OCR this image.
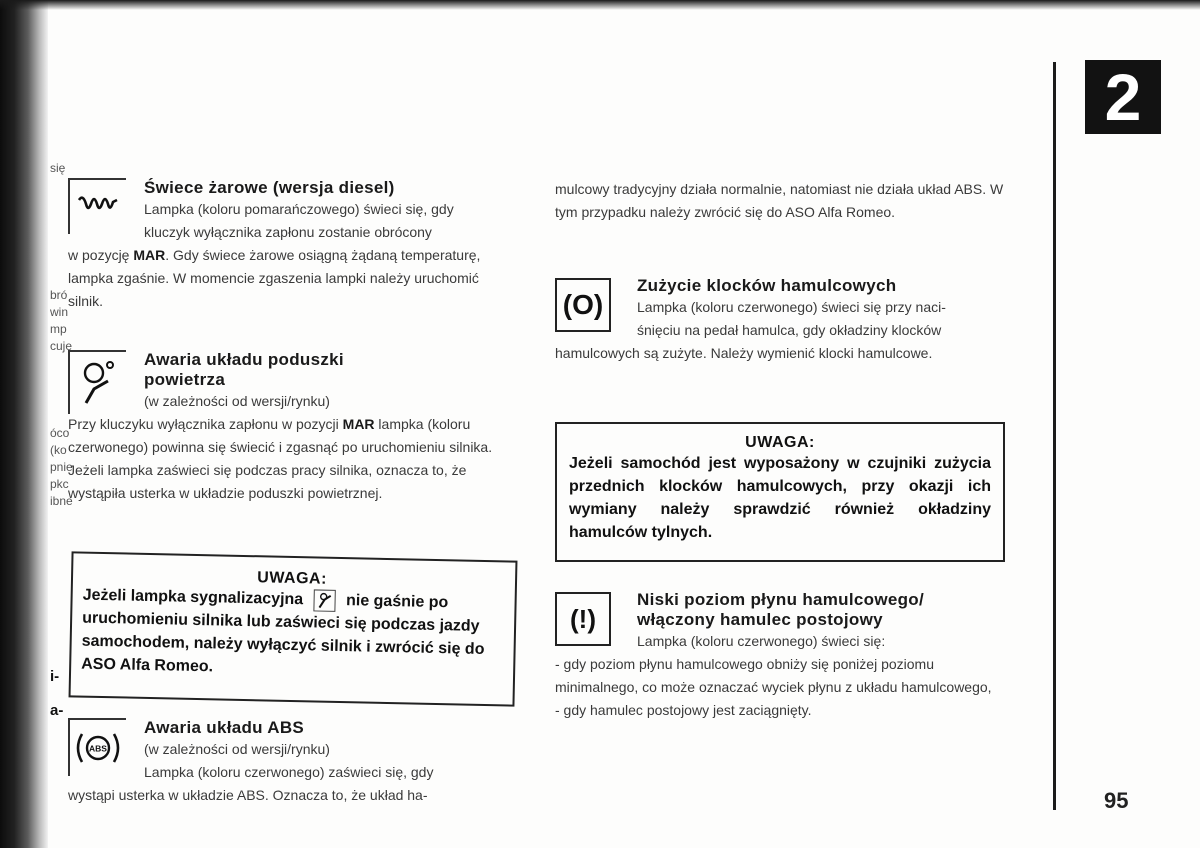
się
bró
win
mp
cuje
óco
(ko
pnie
pkc
ibne
i-
a-
2
95
Świece żarowe (wersja diesel)

Lampka (koloru pomarańczowego) świeci się, gdy

kluczyk wyłącznika zapłonu zostanie obrócony

w pozycję MAR. Gdy świece żarowe osiągną żądaną temperaturę, lampka zgaśnie. W momencie zgaszenia lampki należy uruchomić silnik.

Awaria układu poduszki
powietrza

(w zależności od wersji/rynku)

Przy kluczyku wyłącznika zapłonu w pozycji MAR lampka (koloru czerwonego) powinna się świecić i zgasnąć po uruchomieniu silnika. Jeżeli lampka zaświeci się podczas pracy silnika, oznacza to, że wystąpiła usterka w układzie poduszki powietrznej.

UWAGA:
Jeżeli lampka sygnalizacyjna	nie gaśnie po uruchomieniu silnika lub zaświeci się podczas jazdy samochodem, należy wyłączyć silnik i zwrócić się do ASO Alfa Romeo.
ABS
Awaria układu ABS

(w zależności od wersji/rynku)

Lampka (koloru czerwonego) zaświeci się, gdy

wystąpi usterka w układzie ABS. Oznacza to, że układ ha-

mulcowy tradycyjny działa normalnie, natomiast nie działa układ ABS. W tym przypadku należy zwrócić się do ASO Alfa Romeo.

(O)
Zużycie klocków hamulcowych

Lampka (koloru czerwonego) świeci się przy naci-

śnięciu na pedał hamulca, gdy okładziny klocków

hamulcowych są zużyte. Należy wymienić klocki hamulcowe.

UWAGA:
Jeżeli samochód jest wyposażony w czujniki zużycia przednich klocków hamulcowych, przy okazji ich wymiany należy sprawdzić również okładziny hamulców tylnych.
(!)
Niski poziom płynu hamulcowego/
włączony hamulec postojowy

Lampka (koloru czerwonego) świeci się:

- gdy poziom płynu hamulcowego obniży się poniżej poziomu minimalnego, co może oznaczać wyciek płynu z układu hamulcowego,

- gdy hamulec postojowy jest zaciągnięty.
